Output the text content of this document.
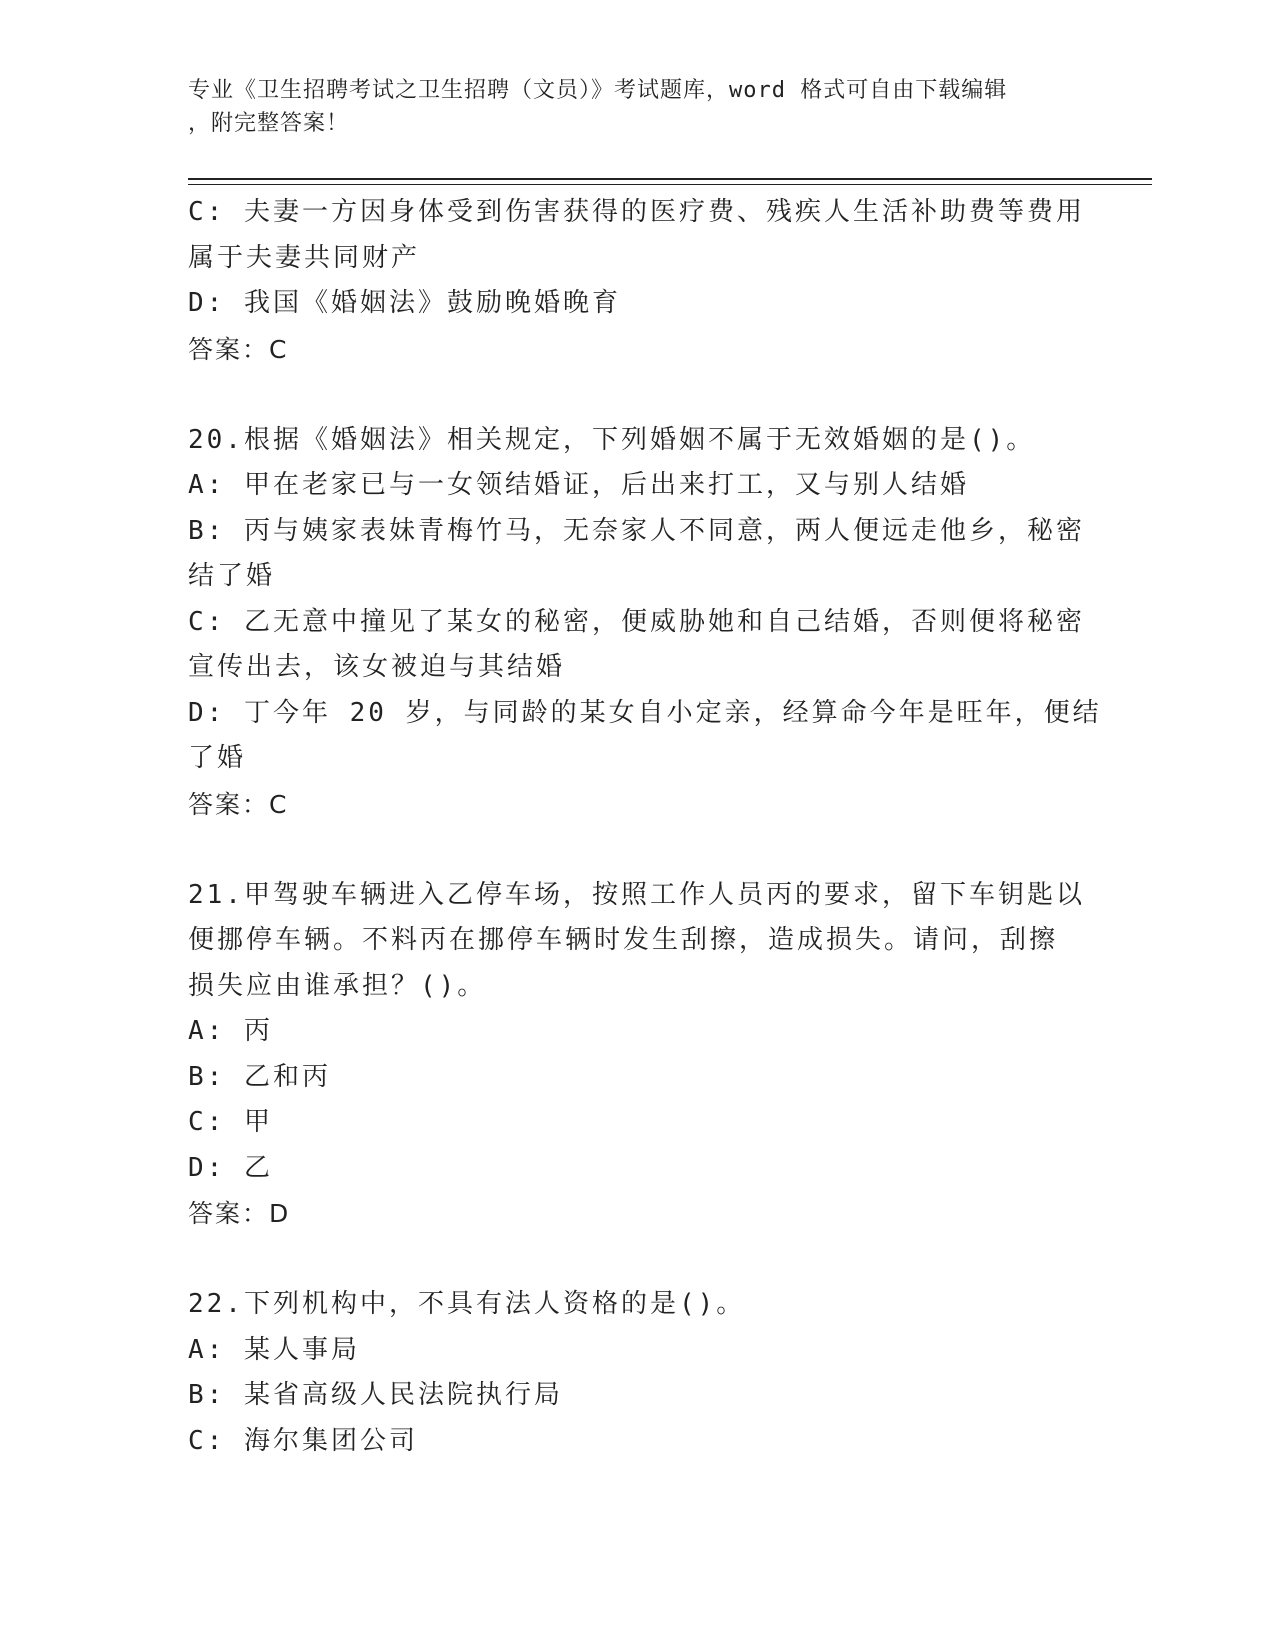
专业《卫生招聘考试之卫生招聘（文员）》考试题库，word 格式可自由下载编辑
，附完整答案！

C: 夫妻一方因身体受到伤害获得的医疗费、残疾人生活补助费等费用

属于夫妻共同财产

D: 我国《婚姻法》鼓励晚婚晚育

答案：C

20.根据《婚姻法》相关规定，下列婚姻不属于无效婚姻的是()。

A: 甲在老家已与一女领结婚证，后出来打工，又与别人结婚

B: 丙与姨家表妹青梅竹马，无奈家人不同意，两人便远走他乡，秘密

结了婚

C: 乙无意中撞见了某女的秘密，便威胁她和自己结婚，否则便将秘密

宣传出去，该女被迫与其结婚

D: 丁今年 20 岁，与同龄的某女自小定亲，经算命今年是旺年，便结

了婚

答案：C

21.甲驾驶车辆进入乙停车场，按照工作人员丙的要求，留下车钥匙以

便挪停车辆。不料丙在挪停车辆时发生刮擦，造成损失。请问，刮擦

损失应由谁承担？()。

A: 丙

B: 乙和丙

C: 甲

D: 乙

答案：D

22.下列机构中，不具有法人资格的是()。

A: 某人事局

B: 某省高级人民法院执行局

C: 海尔集团公司
